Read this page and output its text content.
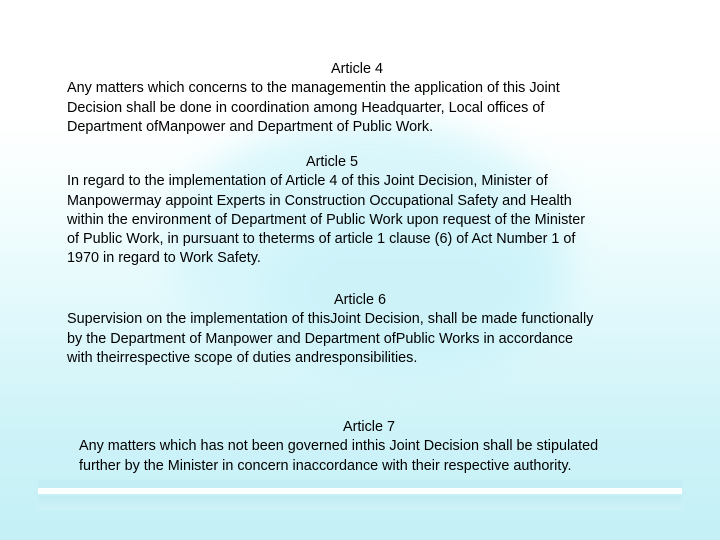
Article 4
Any matters which concerns to the managementin the application of this Joint
Decision shall be done in coordination among Headquarter, Local offices of
Department ofManpower and Department of Public Work.
Article 5
In regard to the implementation of Article 4 of this Joint Decision, Minister of
Manpowermay appoint Experts in Construction Occupational Safety and Health
within the environment of Department of Public Work upon request of the Minister
of Public Work, in pursuant to theterms of article 1 clause (6) of Act Number 1 of
1970 in regard to Work Safety.
Article 6
Supervision on the implementation of thisJoint Decision, shall be made functionally
by the Department of Manpower and Department ofPublic Works in accordance
with theirrespective scope of duties andresponsibilities.
Article 7
Any matters which has not been governed inthis Joint Decision shall be stipulated
further by the Minister in concern inaccordance with their respective authority.
